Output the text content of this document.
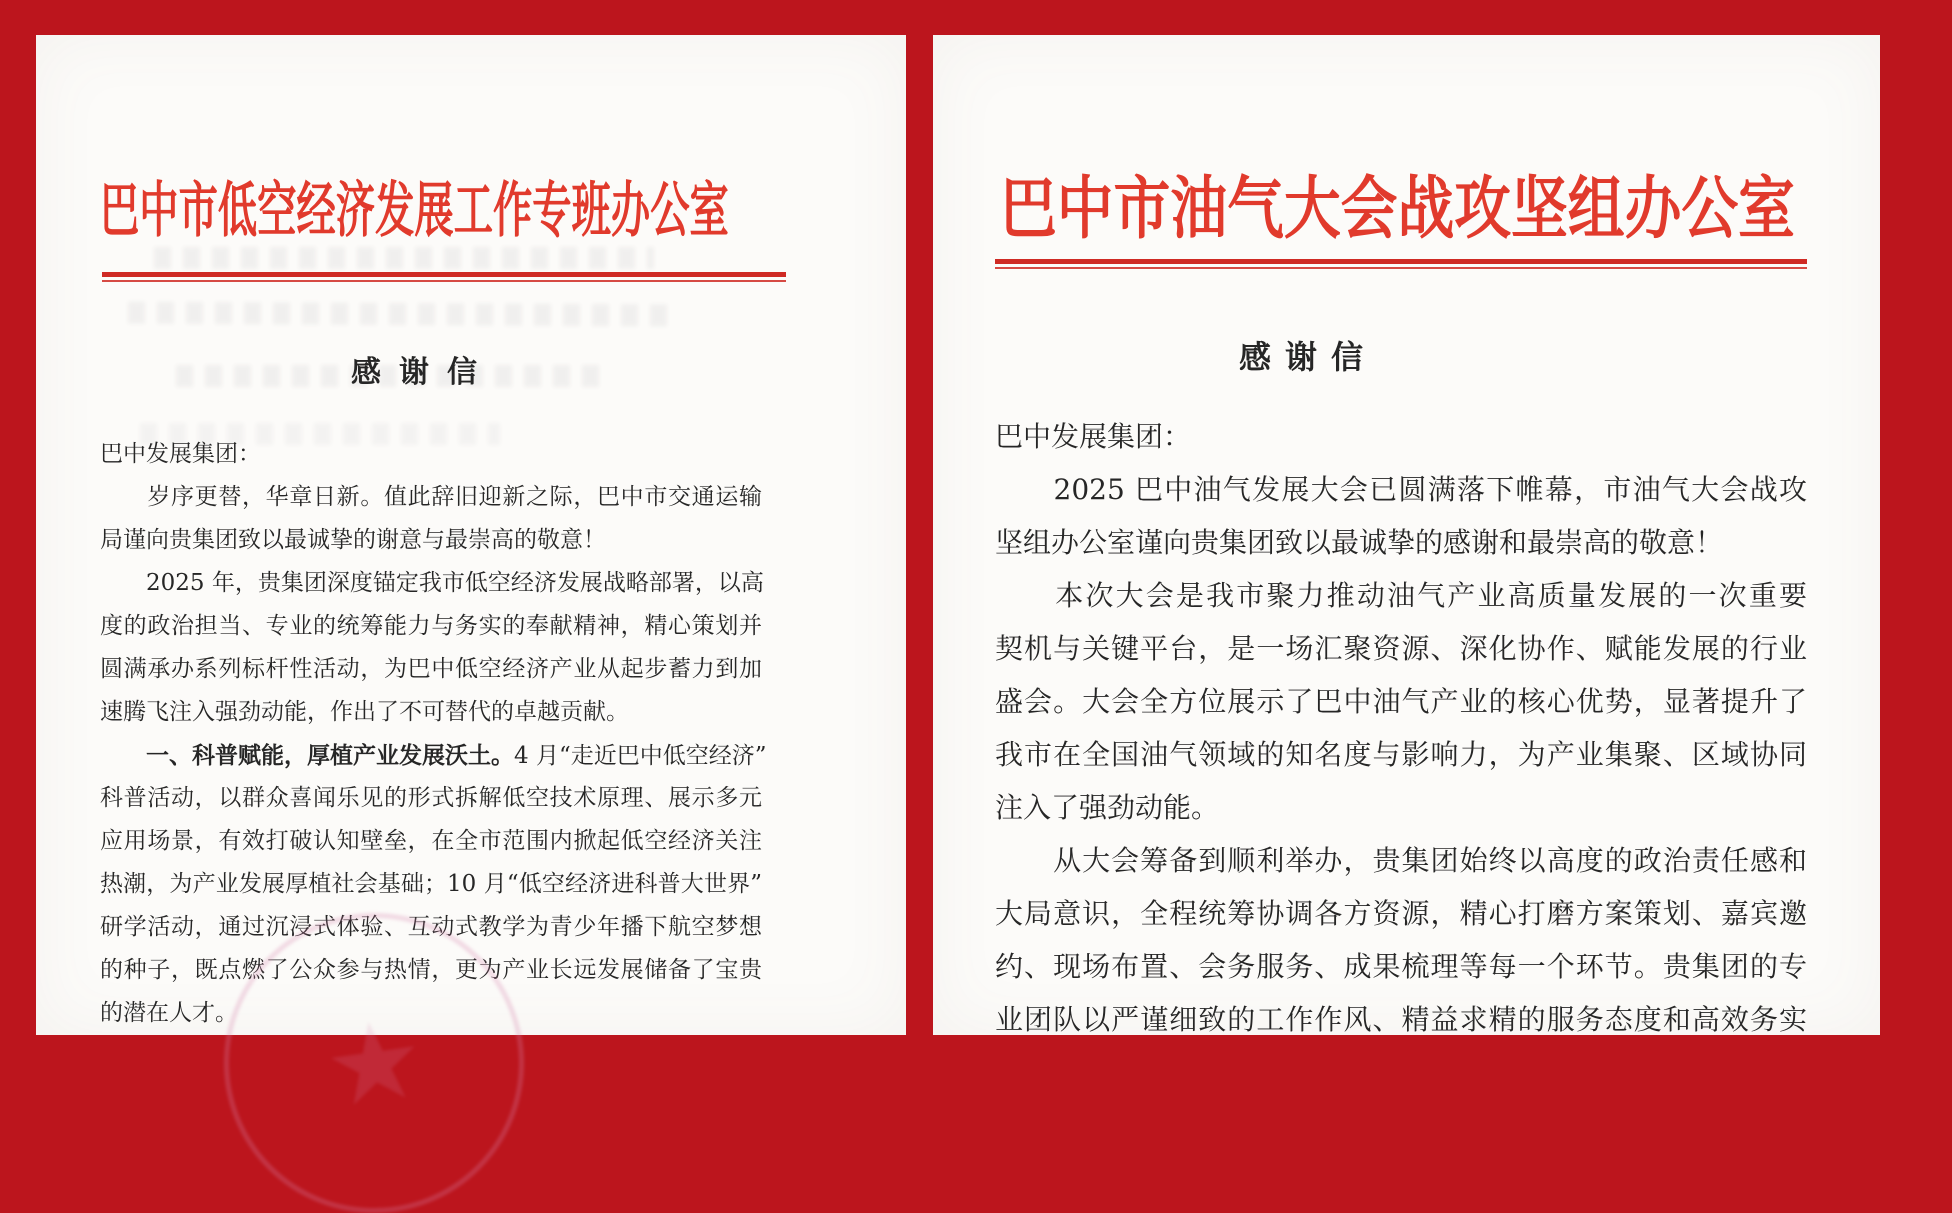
巴中市低空经济发展工作专班办公室
感谢信
巴中发展集团：
　　岁序更替，华章日新。值此辞旧迎新之际，巴中市交通运输
局谨向贵集团致以最诚挚的谢意与最崇高的敬意！
　　2025 年，贵集团深度锚定我市低空经济发展战略部署，以高
度的政治担当、专业的统筹能力与务实的奉献精神，精心策划并
圆满承办系列标杆性活动，为巴中低空经济产业从起步蓄力到加
速腾飞注入强劲动能，作出了不可替代的卓越贡献。
　　一、科普赋能，厚植产业发展沃土。4 月“走近巴中低空经济”
科普活动，以群众喜闻乐见的形式拆解低空技术原理、展示多元
应用场景，有效打破认知壁垒，在全市范围内掀起低空经济关注
热潮，为产业发展厚植社会基础；10 月“低空经济进科普大世界”
研学活动，通过沉浸式体验、互动式教学为青少年播下航空梦想
的种子，既点燃了公众参与热情，更为产业长远发展储备了宝贵
的潜在人才。 ★
巴中市油气大会战攻坚组办公室
感谢信
巴中发展集团：
　　2025 巴中油气发展大会已圆满落下帷幕，市油气大会战攻
坚组办公室谨向贵集团致以最诚挚的感谢和最崇高的敬意！
　　本次大会是我市聚力推动油气产业高质量发展的一次重要
契机与关键平台，是一场汇聚资源、深化协作、赋能发展的行业
盛会。大会全方位展示了巴中油气产业的核心优势，显著提升了
我市在全国油气领域的知名度与影响力，为产业集聚、区域协同
注入了强劲动能。
　　从大会筹备到顺利举办，贵集团始终以高度的政治责任感和
大局意识，全程统筹协调各方资源，精心打磨方案策划、嘉宾邀
约、现场布置、会务服务、成果梳理等每一个环节。贵集团的专
业团队以严谨细致的工作作风、精益求精的服务态度和高效务实
